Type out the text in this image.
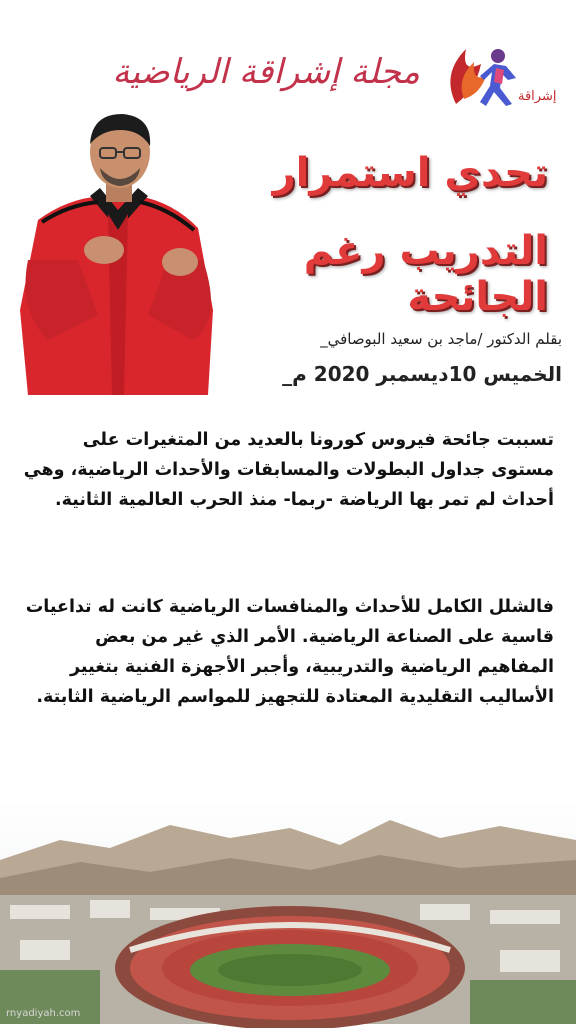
إشراقة
مجلة إشراقة الرياضية
تحدي استمرار
التدريب رغم الجائحة
_بقلم الدكتور /ماجد بن سعيد البوصافي
_الخميس 10ديسمبر 2020 م
تسببت جائحة فيروس كورونا بالعديد من المتغيرات على مستوى جداول البطولات والمسابقات والأحداث الرياضية، وهي أحداث لم تمر بها الرياضة -ربما- منذ الحرب العالمية الثانية.
فالشلل الكامل للأحداث والمنافسات الرياضية كانت له تداعيات قاسية على الصناعة الرياضية. الأمر الذي غير من بعض المفاهيم الرياضية والتدريبية، وأجبر الأجهزة الفنية بتغيير الأساليب التقليدية المعتادة للتجهيز للمواسم الرياضية الثابتة.
rnyadiyah.com
